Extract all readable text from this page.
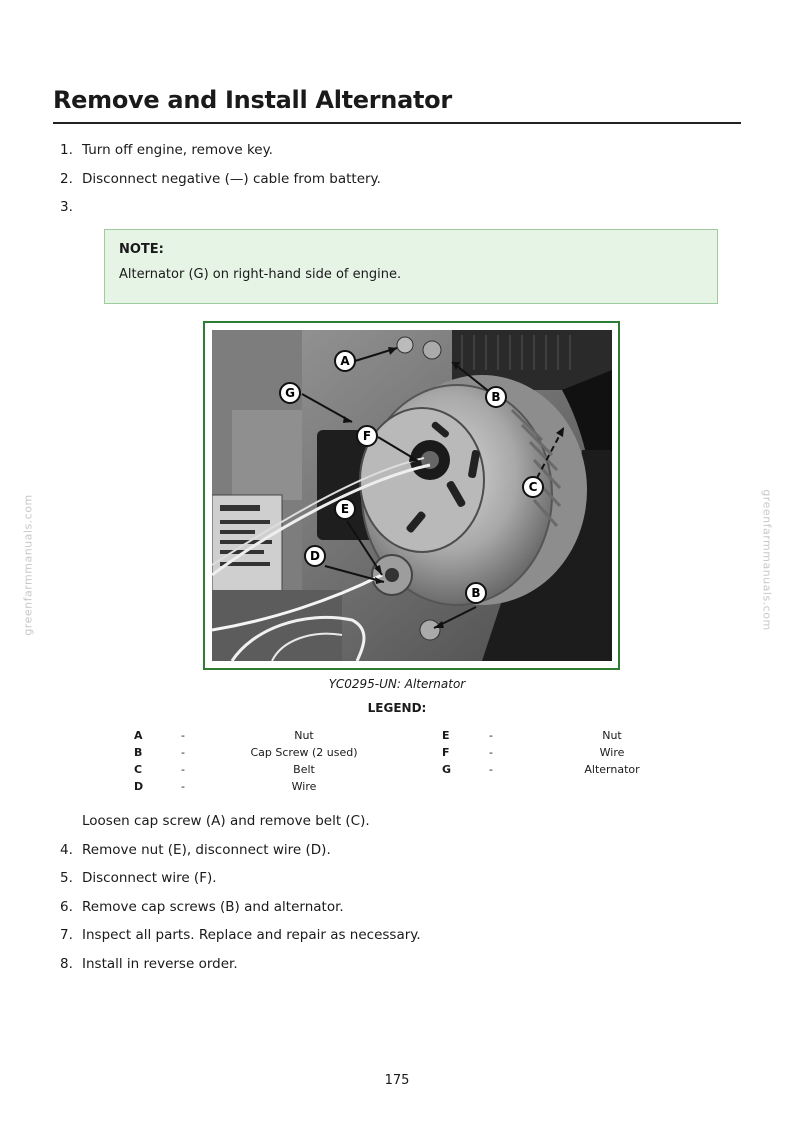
Remove and Install Alternator
1. Turn off engine, remove key.
2. Disconnect negative (—) cable from battery.
3.
NOTE:
Alternator (G) on right-hand side of engine.
A
B
B
C
D
E
F
G
YC0295-UN: Alternator
LEGEND:
A	-	Nut	E	-	Nut
B	-	Cap Screw (2 used)	F	-	Wire
C	-	Belt	G	-	Alternator
D	-	Wire
Loosen cap screw (A) and remove belt (C).
4. Remove nut (E), disconnect wire (D).
5. Disconnect wire (F).
6. Remove cap screws (B) and alternator.
7. Inspect all parts. Replace and repair as necessary.
8. Install in reverse order.
greenfarmmanuals.com	greenfarmmanuals.com
175
